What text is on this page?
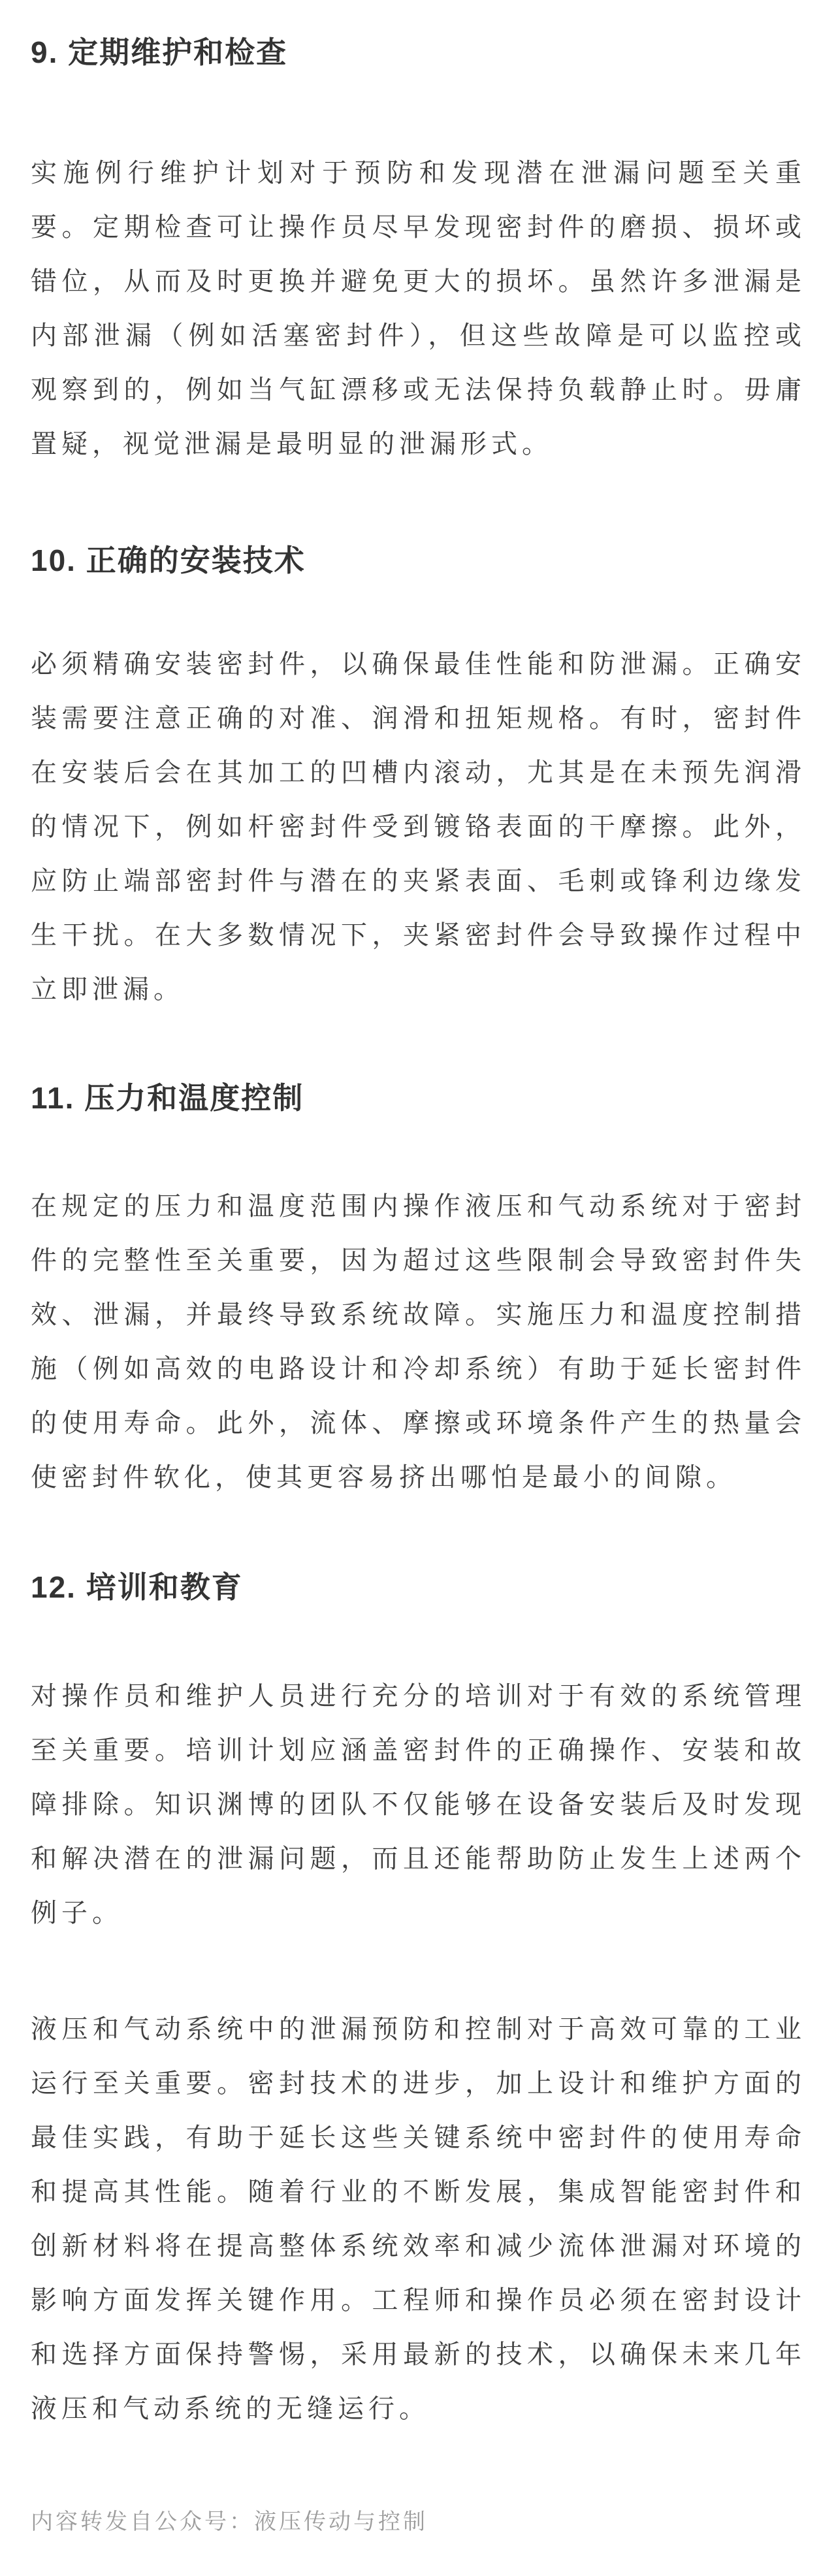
9. 定期维护和检查

实施例行维护计划对于预防和发现潜在泄漏问题至关重要。定期检查可让操作员尽早发现密封件的磨损、损坏或错位，从而及时更换并避免更大的损坏。虽然许多泄漏是内部泄漏（例如活塞密封件），但这些故障是可以监控或观察到的，例如当气缸漂移或无法保持负载静止时。毋庸置疑，视觉泄漏是最明显的泄漏形式。

10. 正确的安装技术

必须精确安装密封件，以确保最佳性能和防泄漏。正确安装需要注意正确的对准、润滑和扭矩规格。有时，密封件在安装后会在其加工的凹槽内滚动，尤其是在未预先润滑的情况下，例如杆密封件受到镀铬表面的干摩擦。此外，应防止端部密封件与潜在的夹紧表面、毛刺或锋利边缘发生干扰。在大多数情况下，夹紧密封件会导致操作过程中立即泄漏。

11. 压力和温度控制

在规定的压力和温度范围内操作液压和气动系统对于密封件的完整性至关重要，因为超过这些限制会导致密封件失效、泄漏，并最终导致系统故障。实施压力和温度控制措施（例如高效的电路设计和冷却系统）有助于延长密封件的使用寿命。此外，流体、摩擦或环境条件产生的热量会使密封件软化，使其更容易挤出哪怕是最小的间隙。

12. 培训和教育

对操作员和维护人员进行充分的培训对于有效的系统管理至关重要。培训计划应涵盖密封件的正确操作、安装和故障排除。知识渊博的团队不仅能够在设备安装后及时发现和解决潜在的泄漏问题，而且还能帮助防止发生上述两个例子。

液压和气动系统中的泄漏预防和控制对于高效可靠的工业运行至关重要。密封技术的进步，加上设计和维护方面的最佳实践，有助于延长这些关键系统中密封件的使用寿命和提高其性能。随着行业的不断发展，集成智能密封件和创新材料将在提高整体系统效率和减少流体泄漏对环境的影响方面发挥关键作用。工程师和操作员必须在密封设计和选择方面保持警惕，采用最新的技术，以确保未来几年液压和气动系统的无缝运行。

内容转发自公众号：液压传动与控制
